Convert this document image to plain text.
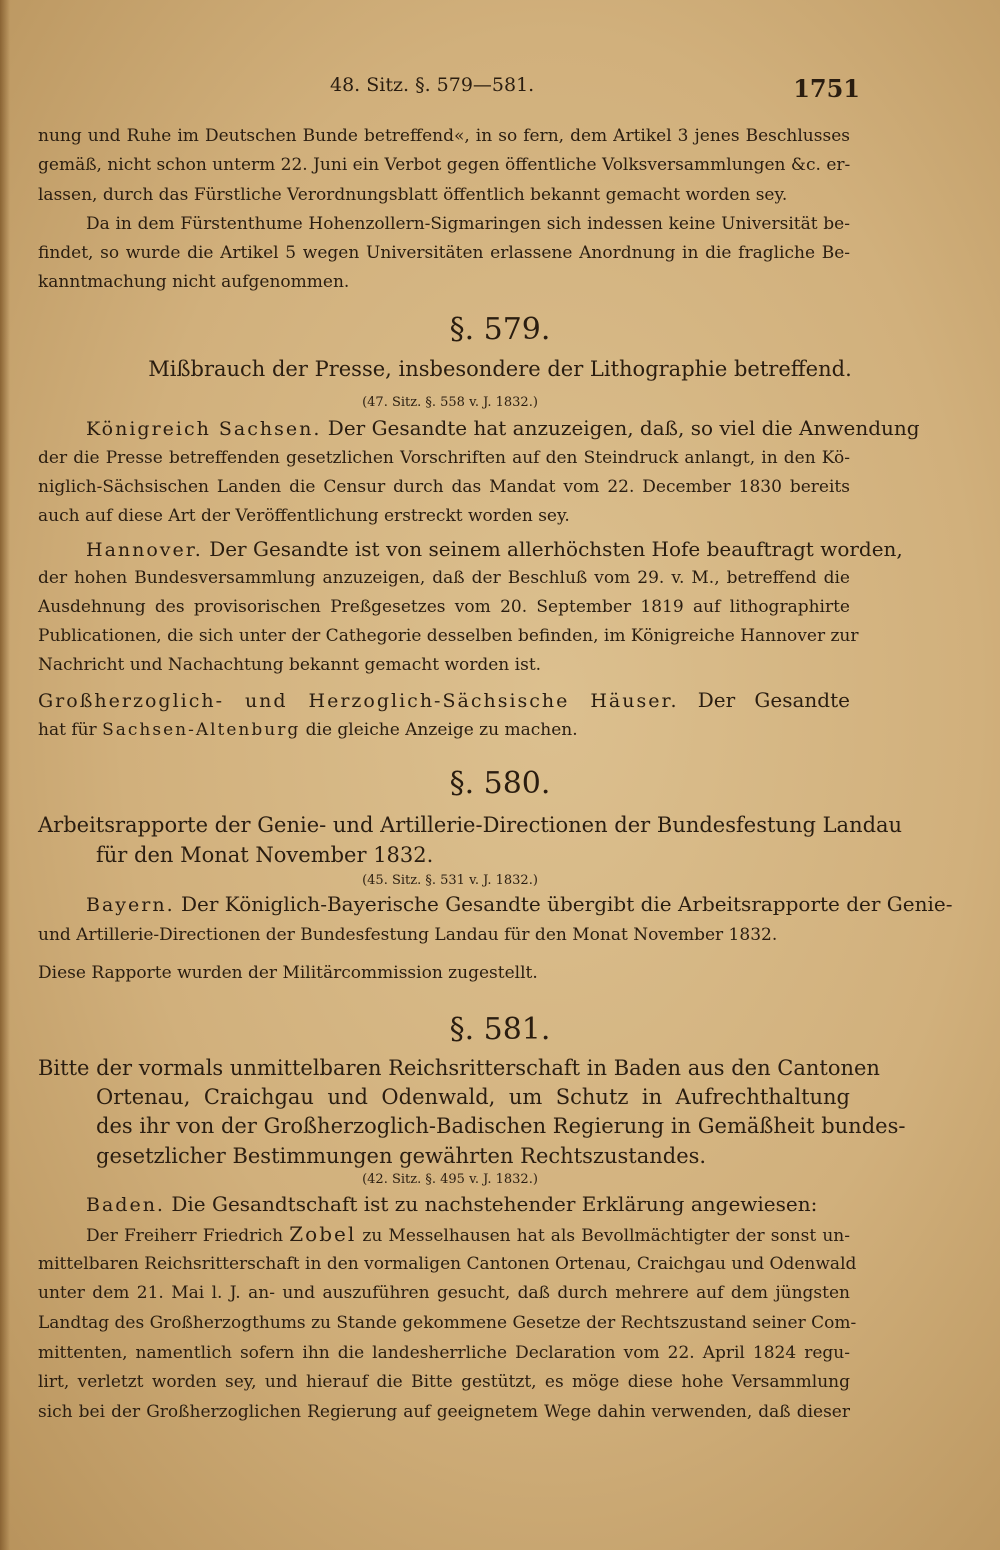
48. Sitz. §. 579—581.	1751
nung und Ruhe im Deutschen Bunde betreffend«, in so fern, dem Artikel 3 jenes Beschlusses
gemäß, nicht schon unterm 22. Juni ein Verbot gegen öffentliche Volksversammlungen &c. er-
lassen, durch das Fürstliche Verordnungsblatt öffentlich bekannt gemacht worden sey.
Da in dem Fürstenthume Hohenzollern-Sigmaringen sich indessen keine Universität be-
findet, so wurde die Artikel 5 wegen Universitäten erlassene Anordnung in die fragliche Be-
kanntmachung nicht aufgenommen.
§. 579.
Mißbrauch der Presse, insbesondere der Lithographie betreffend.
(47. Sitz. §. 558 v. J. 1832.)
Königreich Sachsen. Der Gesandte hat anzuzeigen, daß, so viel die Anwendung
der die Presse betreffenden gesetzlichen Vorschriften auf den Steindruck anlangt, in den Kö-
niglich-Sächsischen Landen die Censur durch das Mandat vom 22. December 1830 bereits
auch auf diese Art der Veröffentlichung erstreckt worden sey.
Hannover. Der Gesandte ist von seinem allerhöchsten Hofe beauftragt worden,
der hohen Bundesversammlung anzuzeigen, daß der Beschluß vom 29. v. M., betreffend die
Ausdehnung des provisorischen Preßgesetzes vom 20. September 1819 auf lithographirte
Publicationen, die sich unter der Cathegorie desselben befinden, im Königreiche Hannover zur
Nachricht und Nachachtung bekannt gemacht worden ist.
Großherzoglich- und Herzoglich-Sächsische Häuser. Der Gesandte
hat für Sachsen-Altenburg die gleiche Anzeige zu machen.
§. 580.
Arbeitsrapporte der Genie- und Artillerie-Directionen der Bundesfestung Landau
für den Monat November 1832.
(45. Sitz. §. 531 v. J. 1832.)
Bayern. Der Königlich-Bayerische Gesandte übergibt die Arbeitsrapporte der Genie-
und Artillerie-Directionen der Bundesfestung Landau für den Monat November 1832.
Diese Rapporte wurden der Militärcommission zugestellt.
§. 581.
Bitte der vormals unmittelbaren Reichsritterschaft in Baden aus den Cantonen
Ortenau, Craichgau und Odenwald, um Schutz in Aufrechthaltung
des ihr von der Großherzoglich-Badischen Regierung in Gemäßheit bundes-
gesetzlicher Bestimmungen gewährten Rechtszustandes.
(42. Sitz. §. 495 v. J. 1832.)
Baden. Die Gesandtschaft ist zu nachstehender Erklärung angewiesen:
Der Freiherr Friedrich Zobel zu Messelhausen hat als Bevollmächtigter der sonst un-
mittelbaren Reichsritterschaft in den vormaligen Cantonen Ortenau, Craichgau und Odenwald
unter dem 21. Mai l. J. an- und auszuführen gesucht, daß durch mehrere auf dem jüngsten
Landtag des Großherzogthums zu Stande gekommene Gesetze der Rechtszustand seiner Com-
mittenten, namentlich sofern ihn die landesherrliche Declaration vom 22. April 1824 regu-
lirt, verletzt worden sey, und hierauf die Bitte gestützt, es möge diese hohe Versammlung
sich bei der Großherzoglichen Regierung auf geeignetem Wege dahin verwenden, daß dieser
